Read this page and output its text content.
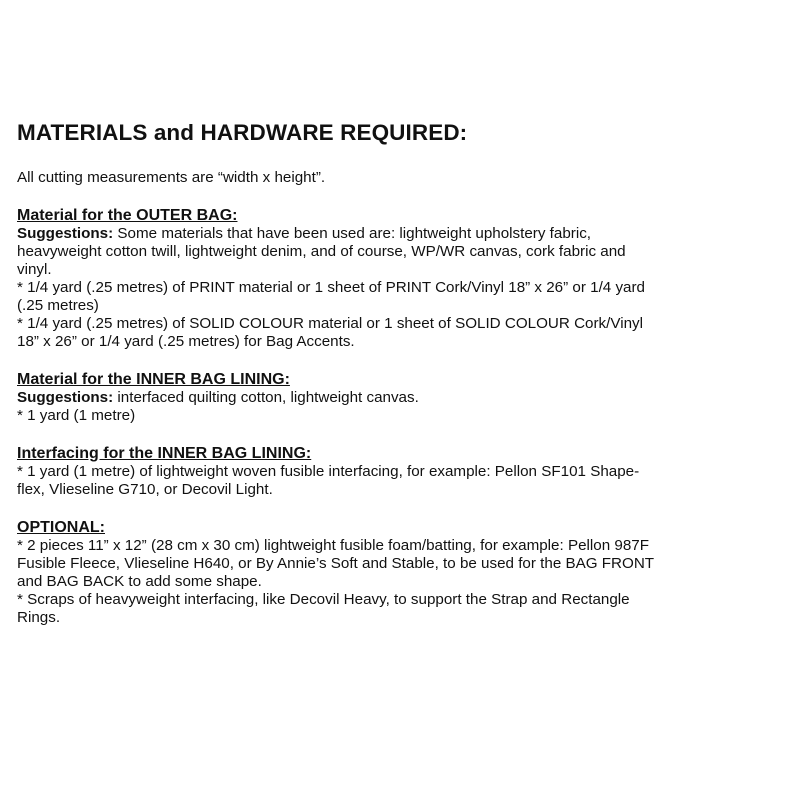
MATERIALS and HARDWARE REQUIRED:

All cutting measurements are “width x height”.

Material for the OUTER BAG:

Suggestions: Some materials that have been used are: lightweight upholstery fabric,

heavyweight cotton twill, lightweight denim, and of course, WP/WR canvas, cork fabric and

vinyl.

* 1/4 yard (.25 metres) of PRINT material or 1 sheet of PRINT Cork/Vinyl 18” x 26” or 1/4 yard

(.25 metres)

* 1/4 yard (.25 metres) of SOLID COLOUR material or 1 sheet of SOLID COLOUR Cork/Vinyl

18” x 26” or 1/4 yard (.25 metres) for Bag Accents.

Material for the INNER BAG LINING:

Suggestions: interfaced quilting cotton, lightweight canvas.

* 1 yard (1 metre)

Interfacing for the INNER BAG LINING:

* 1 yard (1 metre) of lightweight woven fusible interfacing, for example: Pellon SF101 Shape-

flex, Vlieseline G710, or Decovil Light.

OPTIONAL:

* 2 pieces 11” x 12” (28 cm x 30 cm) lightweight fusible foam/batting, for example: Pellon 987F

Fusible Fleece, Vlieseline H640, or By Annie’s Soft and Stable, to be used for the BAG FRONT

and BAG BACK to add some shape.

* Scraps of heavyweight interfacing, like Decovil Heavy, to support the Strap and Rectangle

Rings.
